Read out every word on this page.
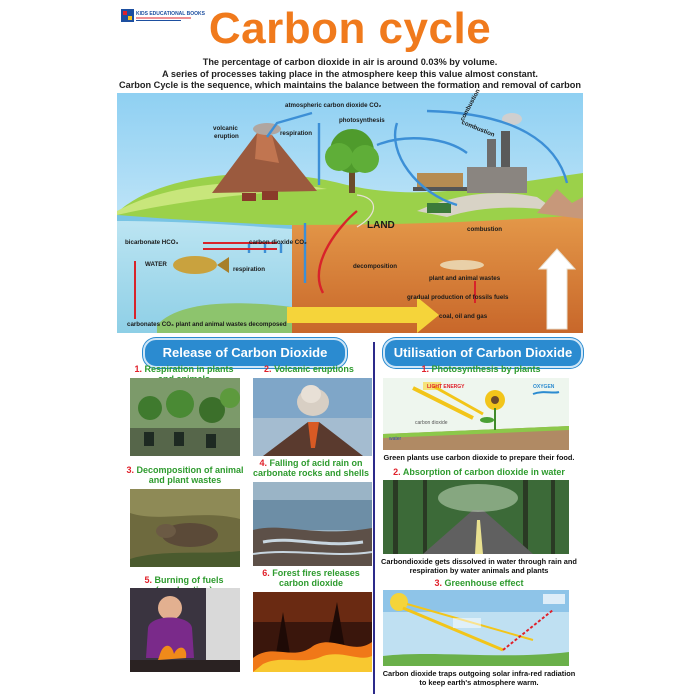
KIDS EDUCATIONAL BOOKS Carbon cycle
The percentage of carbon dioxide in air is around 0.03% by volume.
A series of processes taking place in the atmosphere keep this value almost constant.
Carbon Cycle is the sequence, which maintains the balance between the formation and removal of carbon
atmospheric carbon dioxide CO₂
volcanic
eruption	respiration
photosynthesis	combustion
combustion
combustion
LAND
bicarbonate HCO₃
WATER
carbon dioxide CO₂
respiration	decomposition
plant and animal wastes
gradual production of fossils fuels
coal, oil and gas
carbonates CO₃ plant and animal wastes decomposed
Release of Carbon Dioxide	Utilisation of Carbon Dioxide
1. Respiration in plants	2. Volcanic eruptions
3. Decomposition of animal and plant wastes
4. Falling of acid rain on carbonate rocks and shells
5. Burning of fuels
6. Forest fires releases carbon dioxide
1. Photosynthesis by plants
LIGHT ENERGY	OXYGEN
carbon dioxide
water
Green plants use carbon dioxide to prepare their food.
2. Absorption of carbon dioxide in water
Carbondioxide gets dissolved in water through rain and respiration by water animals and plants
3. Greenhouse effect
Carbon dioxide traps outgoing solar infra-red radiation to keep earth's atmosphere warm.
